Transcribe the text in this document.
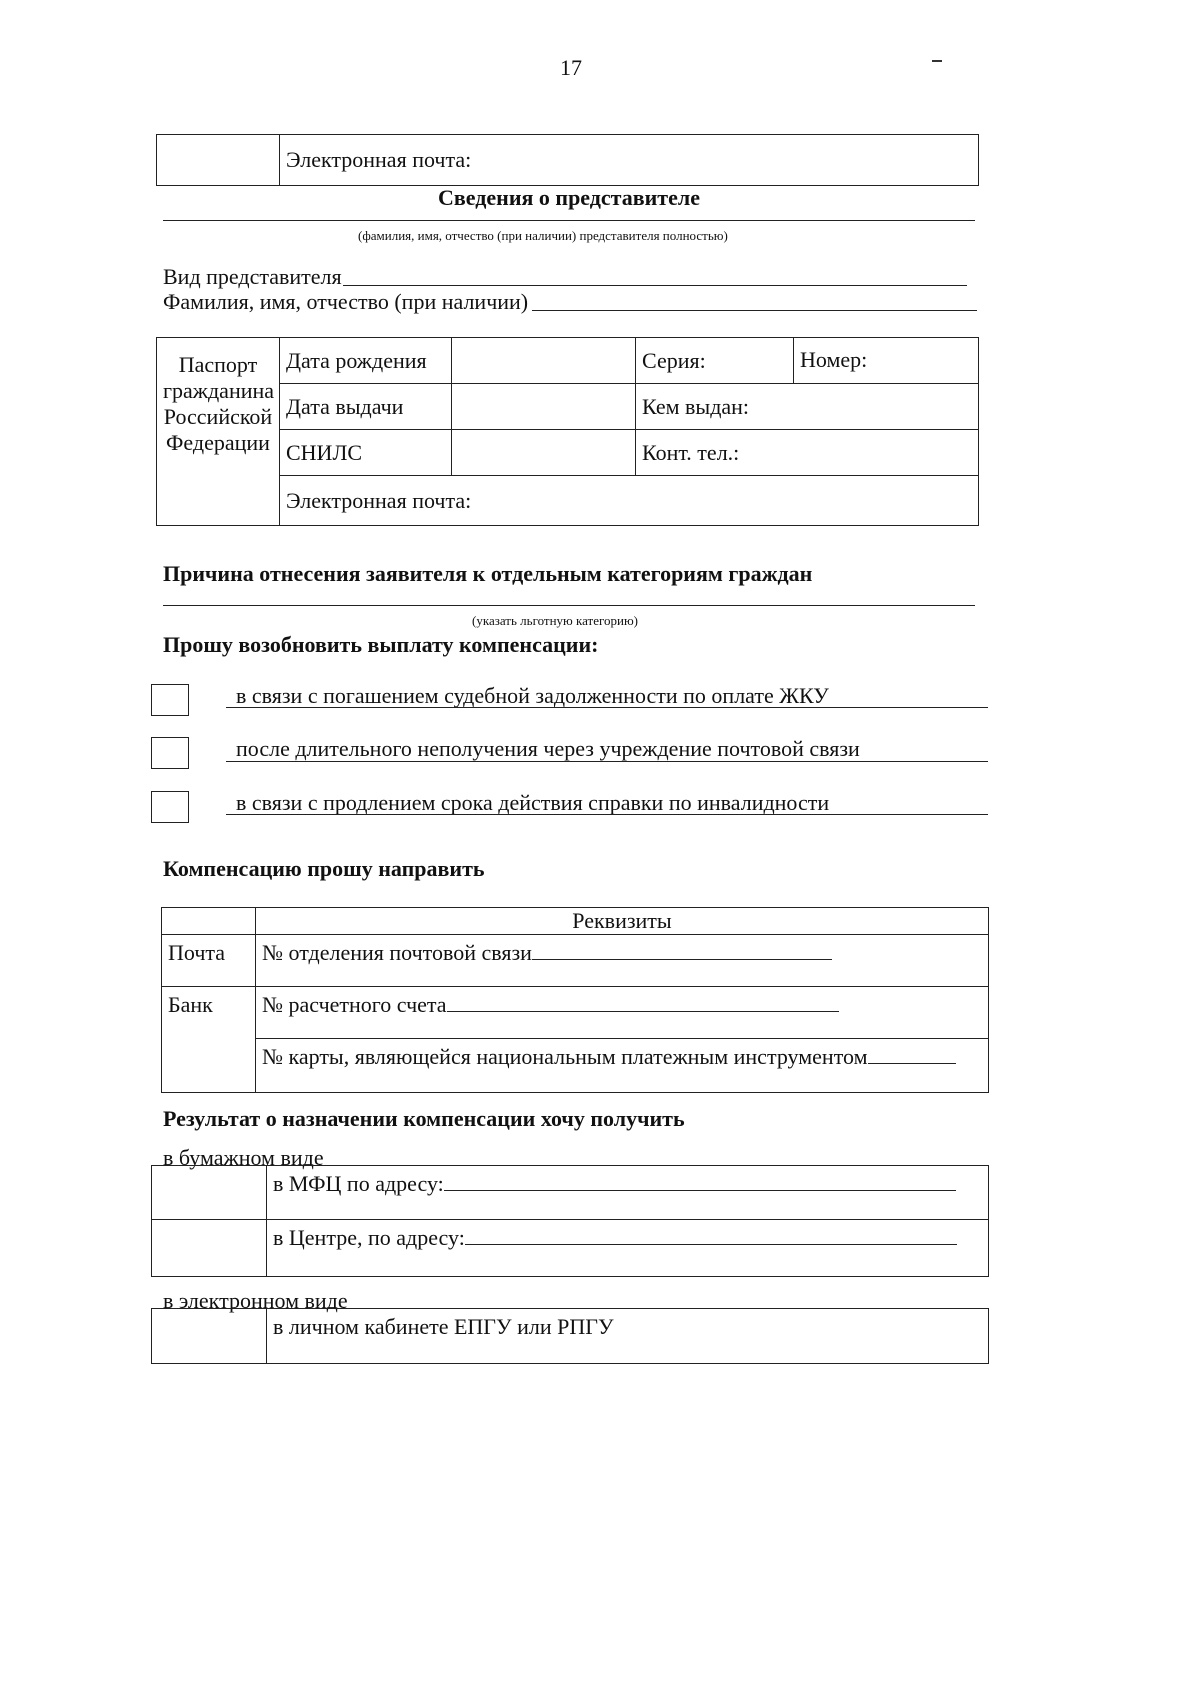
17
	Электронная почта:
Сведения о представителе
(фамилия, имя, отчество (при наличии) представителя полностью)
Вид представителя
Фамилия, имя, отчество (при наличии)
Паспорт
гражданина
Российской
Федерации	Дата рождения		Серия:	Номер:
	Дата выдачи		Кем выдан:	
	СНИЛС		Конт. тел.:	
	Электронная почта:			
Причина отнесения заявителя к отдельным категориям граждан
(указать льготную категорию)
Прошу возобновить выплату компенсации:
в связи с погашением судебной задолженности по оплате ЖКУ
после длительного неполучения через учреждение почтовой связи
в связи с продлением срока действия справки по инвалидности
Компенсацию прошу направить
	Реквизиты
Почта	№ отделения почтовой связи
Банк	№ расчетного счета
	№ карты, являющейся национальным платежным инструментом
Результат о назначении компенсации хочу получить
в бумажном виде
	в МФЦ по адресу:
	в Центре, по адресу:
в электронном виде
	в личном кабинете ЕПГУ или РПГУ
